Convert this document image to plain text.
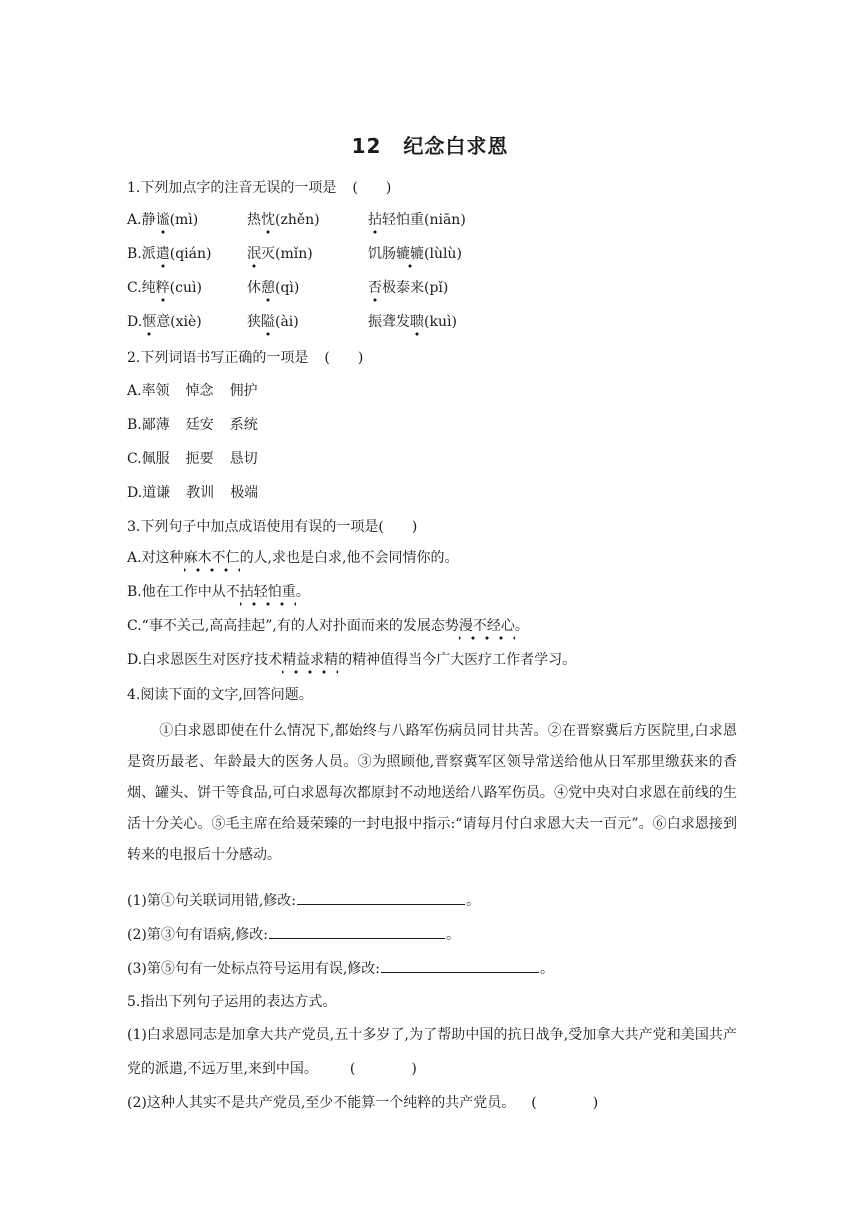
12 纪念白求恩
1.下列加点字的注音无误的一项是 (　　)
A.静谧(mì)	热忱(zhěn)	拈轻怕重(niān)
B.派遣(qián)	泯灭(mǐn)	饥肠辘辘(lùlù)
C.纯粹(cuì)	休憩(qì)	否极泰来(pǐ)
D.惬意(xiè)	狭隘(ài)	振聋发聩(kuì)
2.下列词语书写正确的一项是 (　　)
A.率领 悼念 佣护
B.鄙薄 廷安 系统
C.佩服 扼要 恳切
D.道谦 教训 极端
3.下列句子中加点成语使用有误的一项是(　　)
A.对这种麻木不仁的人,求也是白求,他不会同情你的。
B.他在工作中从不拈轻怕重。
C.“事不关己,高高挂起”,有的人对扑面而来的发展态势漫不经心。
D.白求恩医生对医疗技术精益求精的精神值得当今广大医疗工作者学习。
4.阅读下面的文字,回答问题。
①白求恩即使在什么情况下,都始终与八路军伤病员同甘共苦。②在晋察冀后方医院里,白求恩是资历最老、年龄最大的医务人员。③为照顾他,晋察冀军区领导常送给他从日军那里缴获来的香烟、罐头、饼干等食品,可白求恩每次都原封不动地送给八路军伤员。④党中央对白求恩在前线的生活十分关心。⑤毛主席在给聂荣臻的一封电报中指示:“请每月付白求恩大夫一百元”。⑥白求恩接到转来的电报后十分感动。
(1)第①句关联词用错,修改:	。
(2)第③句有语病,修改:	。
(3)第⑤句有一处标点符号运用有误,修改:	。
5.指出下列句子运用的表达方式。
(1)白求恩同志是加拿大共产党员,五十多岁了,为了帮助中国的抗日战争,受加拿大共产党和美国共产党的派遣,不远万里,来到中国。 (　　　　)
(2)这种人其实不是共产党员,至少不能算一个纯粹的共产党员。 (　　　　)
